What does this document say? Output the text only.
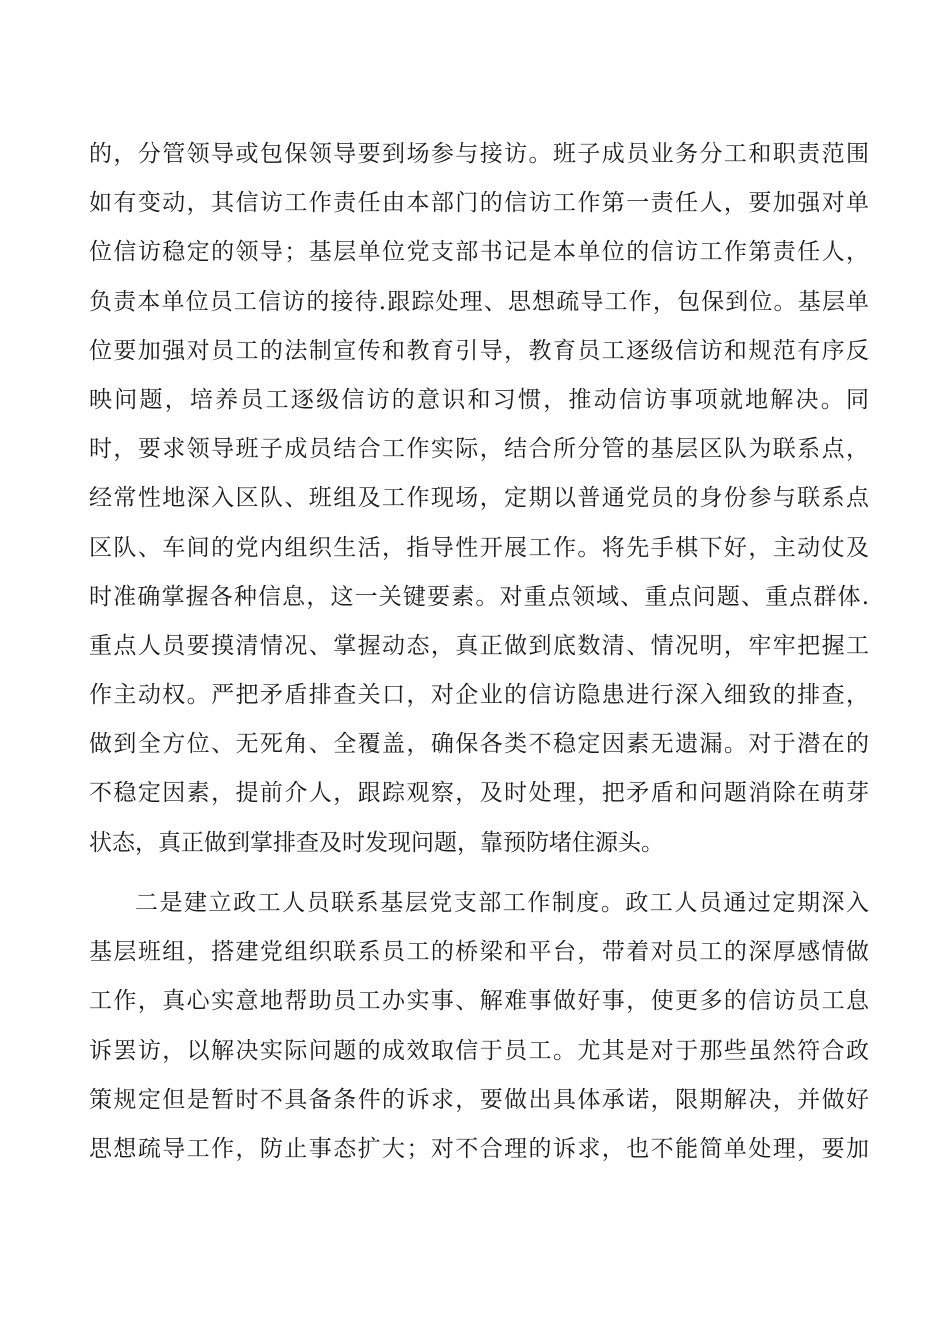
的，分管领导或包保领导要到场参与接访。班子成员业务分工和职责范围
如有变动，其信访工作责任由本部门的信访工作第一责任人，要加强对单
位信访稳定的领导；基层单位党支部书记是本单位的信访工作第责任人，
负责本单位员工信访的接待.跟踪处理、思想疏导工作，包保到位。基层单
位要加强对员工的法制宣传和教育引导，教育员工逐级信访和规范有序反
映问题，培养员工逐级信访的意识和习惯，推动信访事项就地解决。同
时，要求领导班子成员结合工作实际，结合所分管的基层区队为联系点，
经常性地深入区队、班组及工作现场，定期以普通党员的身份参与联系点
区队、车间的党内组织生活，指导性开展工作。将先手棋下好，主动仗及
时准确掌握各种信息，这一关键要素。对重点领域、重点问题、重点群体.
重点人员要摸清情况、掌握动态，真正做到底数清、情况明，牢牢把握工
作主动权。严把矛盾排查关口，对企业的信访隐患进行深入细致的排查，
做到全方位、无死角、全覆盖，确保各类不稳定因素无遗漏。对于潜在的
不稳定因素，提前介人，跟踪观察，及时处理，把矛盾和问题消除在萌芽
状态，真正做到掌排查及时发现问题，靠预防堵住源头。
二是建立政工人员联系基层党支部工作制度。政工人员通过定期深入
基层班组，搭建党组织联系员工的桥梁和平台，带着对员工的深厚感情做
工作，真心实意地帮助员工办实事、解难事做好事，使更多的信访员工息
诉罢访，以解决实际问题的成效取信于员工。尤其是对于那些虽然符合政
策规定但是暂时不具备条件的诉求，要做出具体承诺，限期解决，并做好
思想疏导工作，防止事态扩大；对不合理的诉求，也不能简单处理，要加
